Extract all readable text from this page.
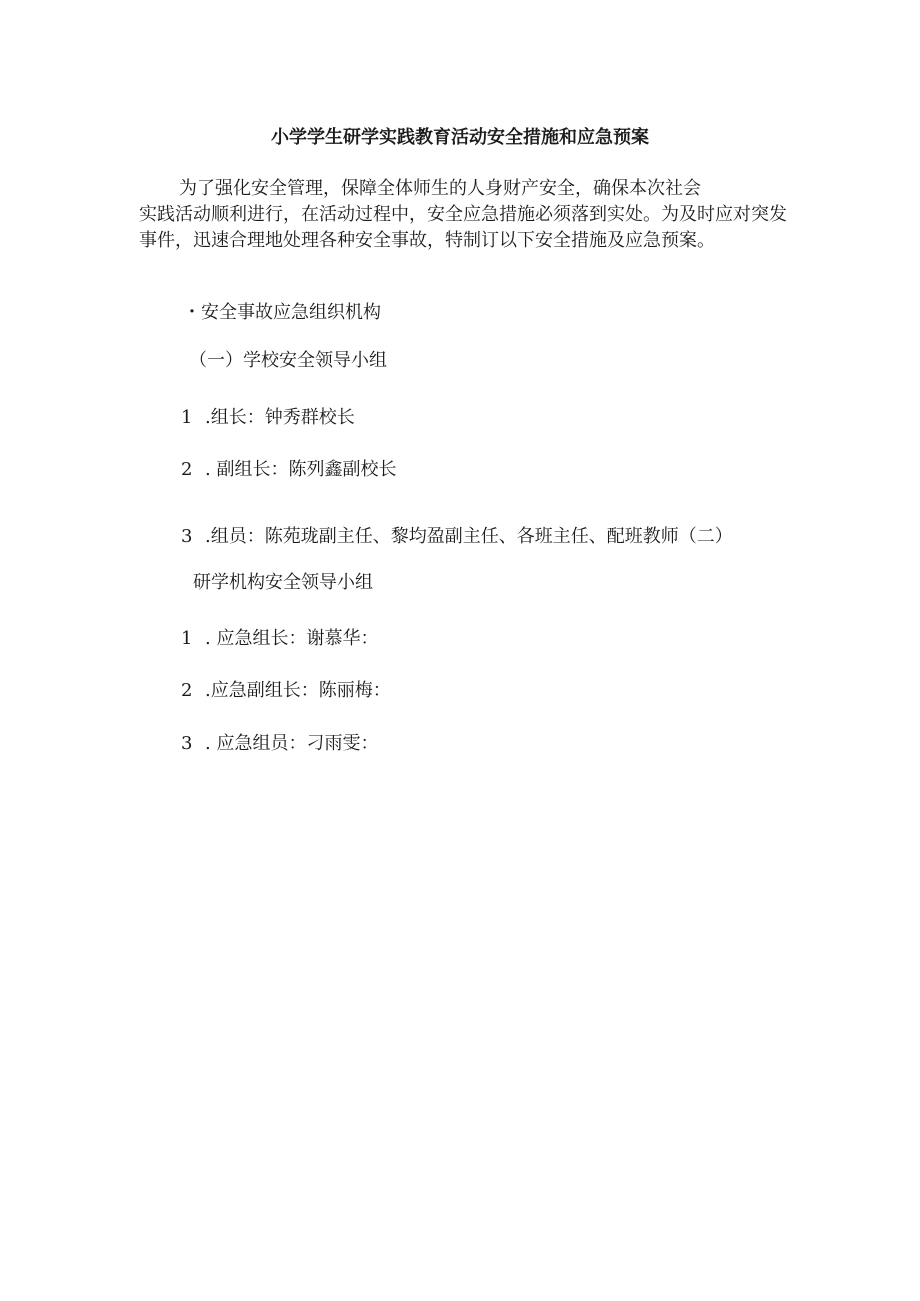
小学学生研学实践教育活动安全措施和应急预案
为了强化安全管理，保障全体师生的人身财产安全，确保本次社会
实践活动顺利进行，在活动过程中，安全应急措施必须落到实处。为及时应对突发事件，迅速合理地处理各种安全事故，特制订以下安全措施及应急预案。
・安全事故应急组织机构
（一）学校安全领导小组
1 .组长：钟秀群校长
2 . 副组长：陈列鑫副校长
3 .组员：陈苑珑副主任、黎均盈副主任、各班主任、配班教师（二）
研学机构安全领导小组
1 . 应急组长：谢慕华：
2 .应急副组长：陈丽梅：
3 . 应急组员：刁雨雯：
